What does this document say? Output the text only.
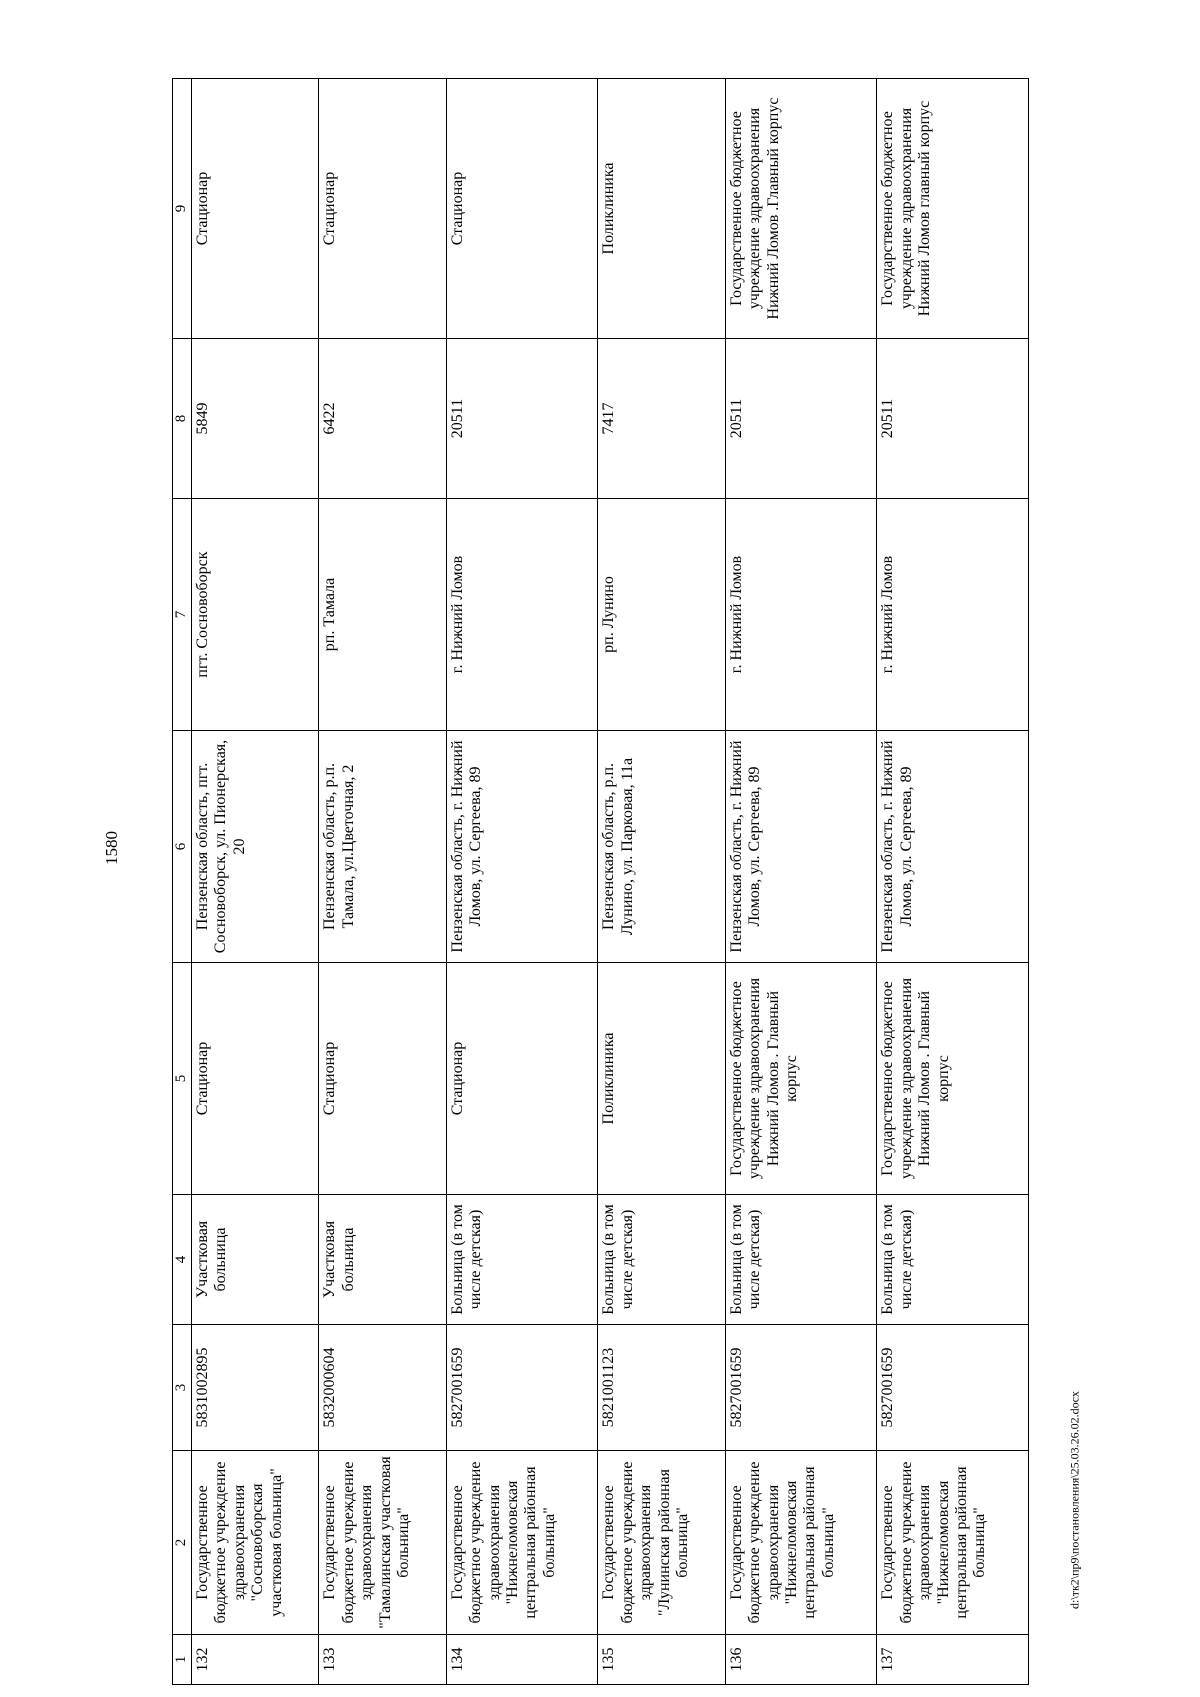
1580
d:\тк2\пр9\постановления\25.03.26.02.docx
1	2	3	4	5	6	7	8	9
132	Государственное бюджетное учреждение здравоохранения "Сосновоборская участковая больница"	5831002895	Участковая больница	Стационар	Пензенская область, пгт. Сосновоборск, ул. Пионерская, 20	пгт. Сосновоборск	5849	Стационар
133	Государственное бюджетное учреждение здравоохранения "Тамалинская участковая больница"	5832000604	Участковая больница	Стационар	Пензенская область, р.п. Тамала, ул.Цветочная, 2	рп. Тамала	6422	Стационар
134	Государственное бюджетное учреждение здравоохранения "Нижнеломовская центральная районная больница"	5827001659	Больница (в том числе детская)	Стационар	Пензенская область, г. Нижний Ломов, ул. Сергеева, 89	г. Нижний Ломов	20511	Стационар
135	Государственное бюджетное учреждение здравоохранения "Лунинская районная больница"	5821001123	Больница (в том числе детская)	Поликлиника	Пензенская область, р.п. Лунино, ул. Парковая, 11а	рп. Лунино	7417	Поликлиника
136	Государственное бюджетное учреждение здравоохранения "Нижнеломовская центральная районная больница"	5827001659	Больница (в том числе детская)	Государственное бюджетное учреждение здравоохранения Нижний Ломов . Главный корпус	Пензенская область, г. Нижний Ломов, ул. Сергеева, 89	г. Нижний Ломов	20511	Государственное бюджетное учреждение здравоохранения Нижний Ломов .Главный корпус
137	Государственное бюджетное учреждение здравоохранения "Нижнеломовская центральная районная больница"	5827001659	Больница (в том числе детская)	Государственное бюджетное учреждение здравоохранения Нижний Ломов . Главный корпус	Пензенская область, г. Нижний Ломов, ул. Сергеева, 89	г. Нижний Ломов	20511	Государственное бюджетное учреждение здравоохранения Нижний Ломов главный корпус
